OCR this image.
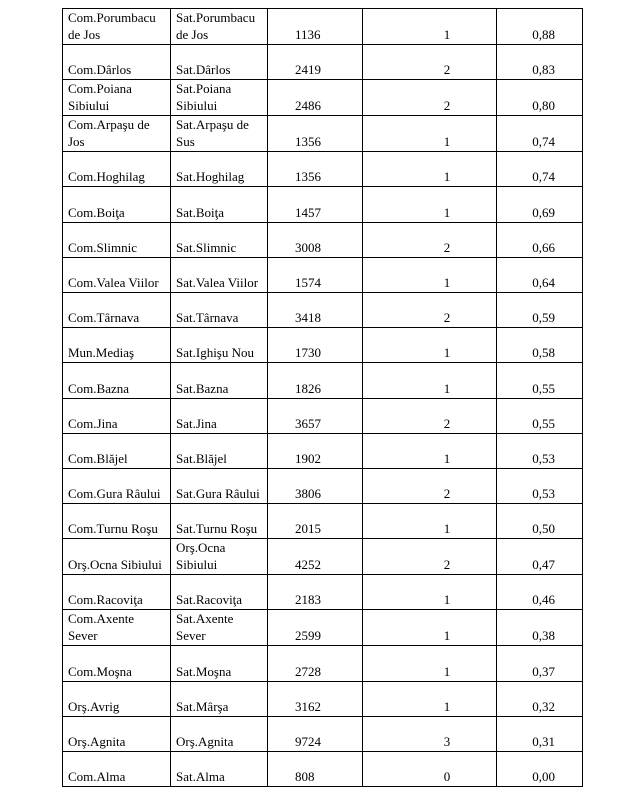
Com.Porumbacu de Jos	Sat.Porumbacu de Jos	1136	1	0,88

Com.Dârlos	Sat.Dârlos	2419	2	0,83

Com.Poiana Sibiului	Sat.Poiana Sibiului	2486	2	0,80

Com.Arpaşu de Jos	Sat.Arpaşu de Sus	1356	1	0,74

Com.Hoghilag	Sat.Hoghilag	1356	1	0,74

Com.Boiţa	Sat.Boiţa	1457	1	0,69

Com.Slimnic	Sat.Slimnic	3008	2	0,66

Com.Valea Viilor	Sat.Valea Viilor	1574	1	0,64

Com.Târnava	Sat.Târnava	3418	2	0,59

Mun.Mediaş	Sat.Ighişu Nou	1730	1	0,58

Com.Bazna	Sat.Bazna	1826	1	0,55

Com.Jina	Sat.Jina	3657	2	0,55

Com.Blăjel	Sat.Blăjel	1902	1	0,53

Com.Gura Râului	Sat.Gura Râului	3806	2	0,53

Com.Turnu Roşu	Sat.Turnu Roşu	2015	1	0,50

Orş.Ocna Sibiului	Orş.Ocna Sibiului	4252	2	0,47

Com.Racoviţa	Sat.Racoviţa	2183	1	0,46

Com.Axente Sever	Sat.Axente Sever	2599	1	0,38

Com.Moşna	Sat.Moşna	2728	1	0,37

Orş.Avrig	Sat.Mârşa	3162	1	0,32

Orş.Agnita	Orş.Agnita	9724	3	0,31

Com.Alma	Sat.Alma	808	0	0,00
